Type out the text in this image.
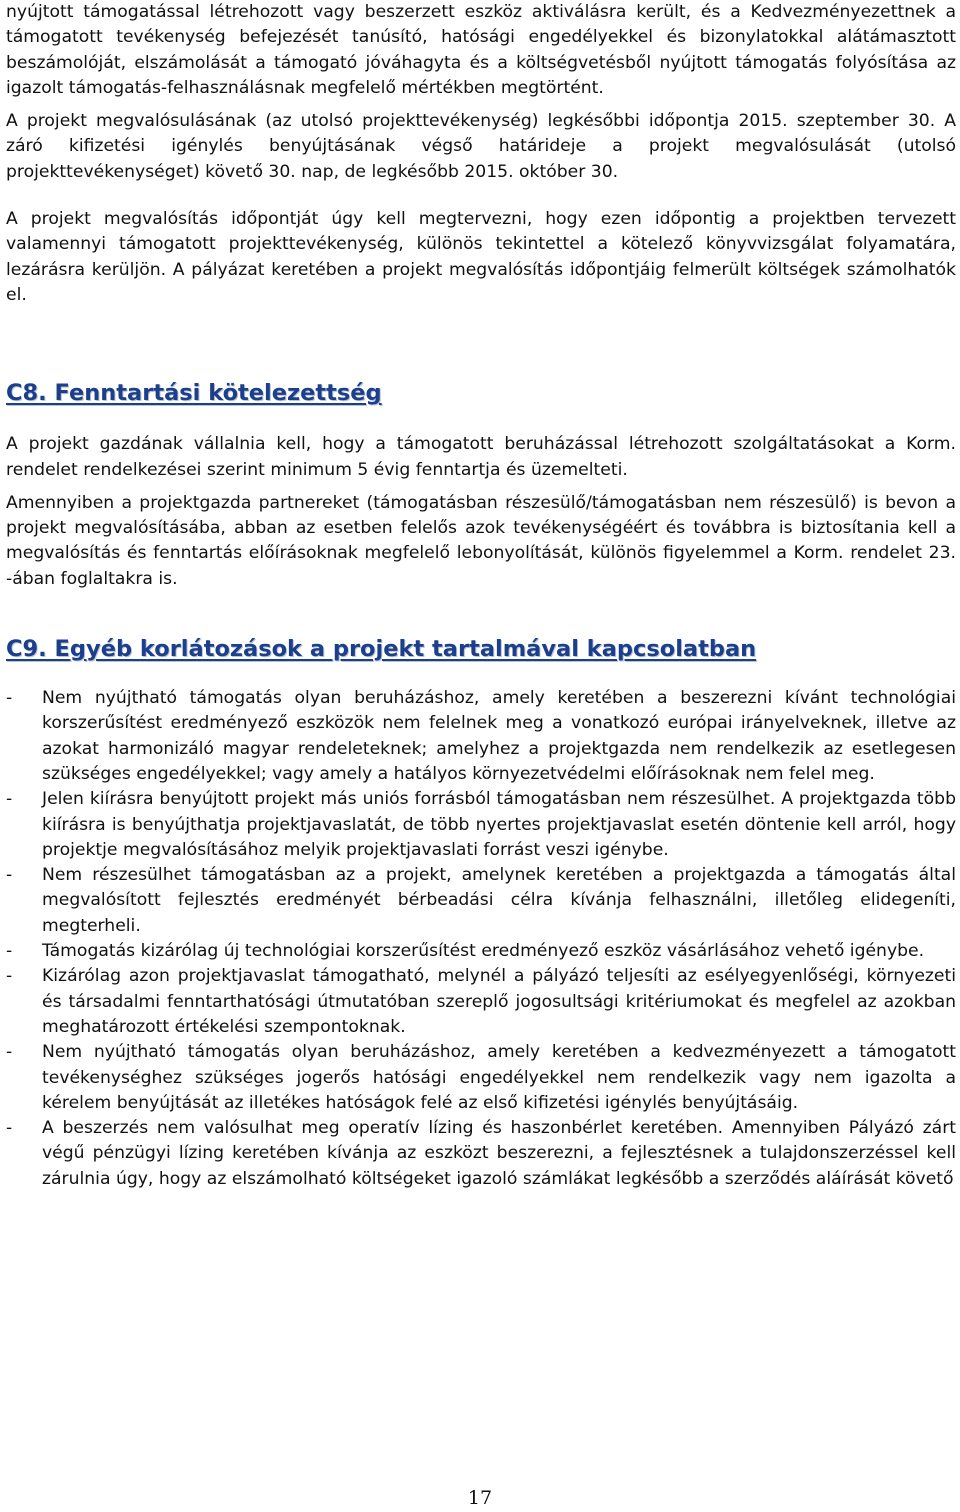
nyújtott támogatással létrehozott vagy beszerzett eszköz aktiválásra került, és a Kedvezményezettnek a támogatott tevékenység befejezését tanúsító, hatósági engedélyekkel és bizonylatokkal alátámasztott beszámolóját, elszámolását a támogató jóváhagyta és a költségvetésből nyújtott támogatás folyósítása az igazolt támogatás-felhasználásnak megfelelő mértékben megtörtént.

A projekt megvalósulásának (az utolsó projekttevékenység) legkésőbbi időpontja 2015. szeptember 30. A záró kifizetési igénylés benyújtásának végső határideje a projekt megvalósulását (utolsó projekttevékenységet) követő 30. nap, de legkésőbb 2015. október 30.

A projekt megvalósítás időpontját úgy kell megtervezni, hogy ezen időpontig a projektben tervezett valamennyi támogatott projekttevékenység, különös tekintettel a kötelező könyvvizsgálat folyamatára, lezárásra kerüljön. A pályázat keretében a projekt megvalósítás időpontjáig felmerült költségek számolhatók el.

C8. Fenntartási kötelezettség

A projekt gazdának vállalnia kell, hogy a támogatott beruházással létrehozott szolgáltatásokat a Korm. rendelet rendelkezései szerint minimum 5 évig fenntartja és üzemelteti.

Amennyiben a projektgazda partnereket (támogatásban részesülő/támogatásban nem részesülő) is bevon a projekt megvalósításába, abban az esetben felelős azok tevékenységéért és továbbra is biztosítania kell a megvalósítás és fenntartás előírásoknak megfelelő lebonyolítását, különös figyelemmel a Korm. rendelet 23. -ában foglaltakra is.

C9. Egyéb korlátozások a projekt tartalmával kapcsolatban
-	Nem nyújtható támogatás olyan beruházáshoz, amely keretében a beszerezni kívánt technológiai korszerűsítést eredményező eszközök nem felelnek meg a vonatkozó európai irányelveknek, illetve az azokat harmonizáló magyar rendeleteknek; amelyhez a projektgazda nem rendelkezik az esetlegesen szükséges engedélyekkel; vagy amely a hatályos környezetvédelmi előírásoknak nem felel meg.
-	Jelen kiírásra benyújtott projekt más uniós forrásból támogatásban nem részesülhet. A projektgazda több kiírásra is benyújthatja projektjavaslatát, de több nyertes projektjavaslat esetén döntenie kell arról, hogy projektje megvalósításához melyik projektjavaslati forrást veszi igénybe.
-	Nem részesülhet támogatásban az a projekt, amelynek keretében a projektgazda a támogatás által megvalósított fejlesztés eredményét bérbeadási célra kívánja felhasználni, illetőleg elidegeníti, megterheli.
-	Támogatás kizárólag új technológiai korszerűsítést eredményező eszköz vásárlásához vehető igénybe.
-	Kizárólag azon projektjavaslat támogatható, melynél a pályázó teljesíti az esélyegyenlőségi, környezeti és társadalmi fenntarthatósági útmutatóban szereplő jogosultsági kritériumokat és megfelel az azokban meghatározott értékelési szempontoknak.
-	Nem nyújtható támogatás olyan beruházáshoz, amely keretében a kedvezményezett a támogatott tevékenységhez szükséges jogerős hatósági engedélyekkel nem rendelkezik vagy nem igazolta a kérelem benyújtását az illetékes hatóságok felé az első kifizetési igénylés benyújtásáig.
-	A beszerzés nem valósulhat meg operatív lízing és haszonbérlet keretében. Amennyiben Pályázó zárt végű pénzügyi lízing keretében kívánja az eszközt beszerezni, a fejlesztésnek a tulajdonszerzéssel kell zárulnia úgy, hogy az elszámolható költségeket igazoló számlákat legkésőbb a szerződés aláírását követő
17
